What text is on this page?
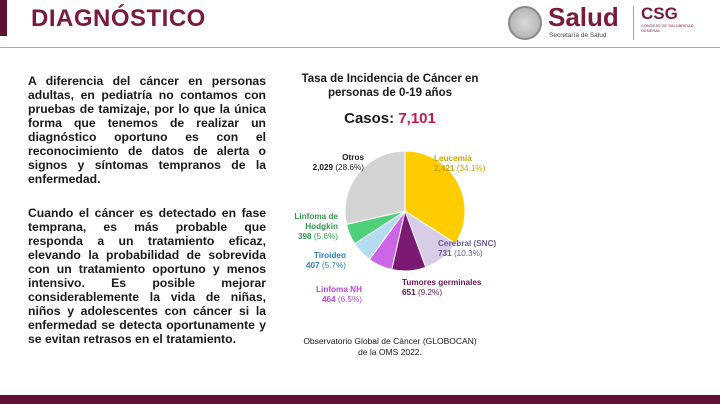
DIAGNÓSTICO	Salud
Secretaría de Salud
CSG
CONSEJO DE SALUBRIDAD GENERAL

A diferencia del cáncer en personas adultas, en pediatría no contamos con pruebas de tamizaje, por lo que la única forma que tenemos de realizar un diagnóstico oportuno es con el reconocimiento de datos de alerta o signos y síntomas tempranos de la enfermedad.

Cuando el cáncer es detectado en fase temprana, es más probable que responda a un tratamiento eficaz, elevando la probabilidad de sobrevida con un tratamiento oportuno y menos intensivo. Es posible mejorar considerablemente la vida de niñas, niños y adolescentes con cáncer si la enfermedad se detecta oportunamente y se evitan retrasos en el tratamiento.

Tasa de Incidencia de Cáncer en personas de 0-19 años
Casos: 7,101
Leucemia
2,421 (34.1%)
Cerebral (SNC)
731 (10.3%)
Tumores germinales
651 (9.2%)
Linfoma NH
464 (6.5%)
Tiroideo
407 (5.7%)
Linfoma de Hodgkin
398 (5.6%)
Otros
2,029 (28.6%)
Observatorio Global de Cáncer (GLOBOCAN) de la OMS 2022.
